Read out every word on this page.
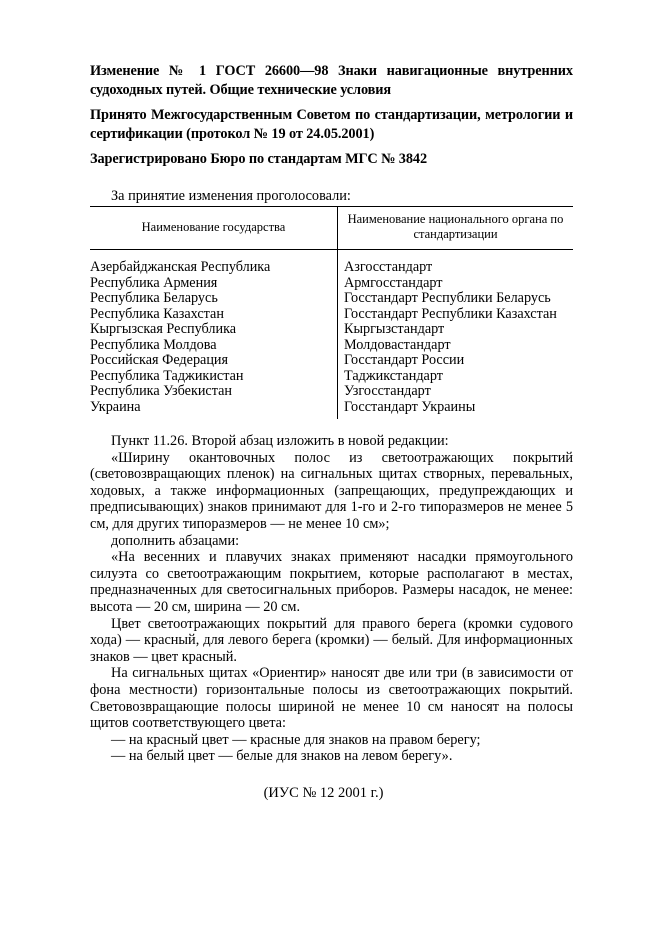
Изменение № 1 ГОСТ 26600—98 Знаки навигационные внутренних судоходных путей. Общие технические условия

Принято Межгосударственным Советом по стандартизации, метрологии и сертификации (протокол № 19 от 24.05.2001)

Зарегистрировано Бюро по стандартам МГС № 3842

За принятие изменения проголосовали:
Наименование государства	Наименование национального органа по стандартизации
Азербайджанская Республика	Азгосстандарт
Республика Армения	Армгосстандарт
Республика Беларусь	Госстандарт Республики Беларусь
Республика Казахстан	Госстандарт Республики Казахстан
Кыргызская Республика	Кыргызстандарт
Республика Молдова	Молдовастандарт
Российская Федерация	Госстандарт России
Республика Таджикистан	Таджикстандарт
Республика Узбекистан	Узгосстандарт
Украина	Госстандарт Украины

Пункт 11.26. Второй абзац изложить в новой редакции:

«Ширину окантовочных полос из светоотражающих покрытий (световозвращающих пленок) на сигнальных щитах створных, перевальных, ходовых, а также информационных (запрещающих, предупреждающих и предписывающих) знаков принимают для 1-го и 2-го типоразмеров не менее 5 см, для других типоразмеров — не менее 10 см»;

дополнить абзацами:

«На весенних и плавучих знаках применяют насадки прямоугольного силуэта со светоотражающим покрытием, которые располагают в местах, предназначенных для светосигнальных приборов. Размеры насадок, не менее: высота — 20 см, ширина — 20 см.

Цвет светоотражающих покрытий для правого берега (кромки судового хода) — красный, для левого берега (кромки) — белый. Для информационных знаков — цвет красный.

На сигнальных щитах «Ориентир» наносят две или три (в зависимости от фона местности) горизонтальные полосы из светоотражающих покрытий. Световозвращающие полосы шириной не менее 10 см наносят на полосы щитов соответствующего цвета:

— на красный цвет — красные для знаков на правом берегу;

— на белый цвет — белые для знаков на левом берегу».

(ИУС № 12 2001 г.)
